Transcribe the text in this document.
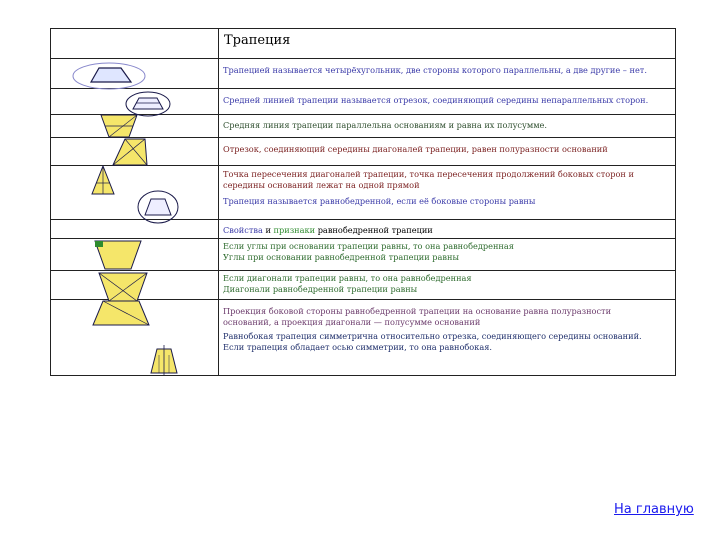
Трапеция
Трапецией называется четырёхугольник, две стороны которого параллельны, а две другие – нет.
Средней линией трапеции называется отрезок, соединяющий середины непараллельных сторон.
Средняя линия трапеции параллельна основаниям и равна их полусумме.
Отрезок, соединяющий середины диагоналей трапеции, равен полуразности оснований
Точка пересечения диагоналей трапеции, точка пересечения продолжений боковых сторон и
середины оснований лежат на одной прямой
Трапеция называется равнобедренной, если её боковые стороны равны
Свойства и признаки равнобедренной трапеции
Если углы при основании трапеции равны, то она равнобедренная
Углы при основании равнобедренной трапеции равны
Если диагонали трапеции равны, то она равнобедренная
Диагонали равнобедренной трапеции равны
Проекция боковой стороны равнобедренной трапеции на основание равна полуразности
оснований, а проекция диагонали — полусумме оснований
Равнобокая трапеция симметрична относительно отрезка, соединяющего середины оснований.
Если трапеция обладает осью симметрии, то она равнобокая.
На главную
